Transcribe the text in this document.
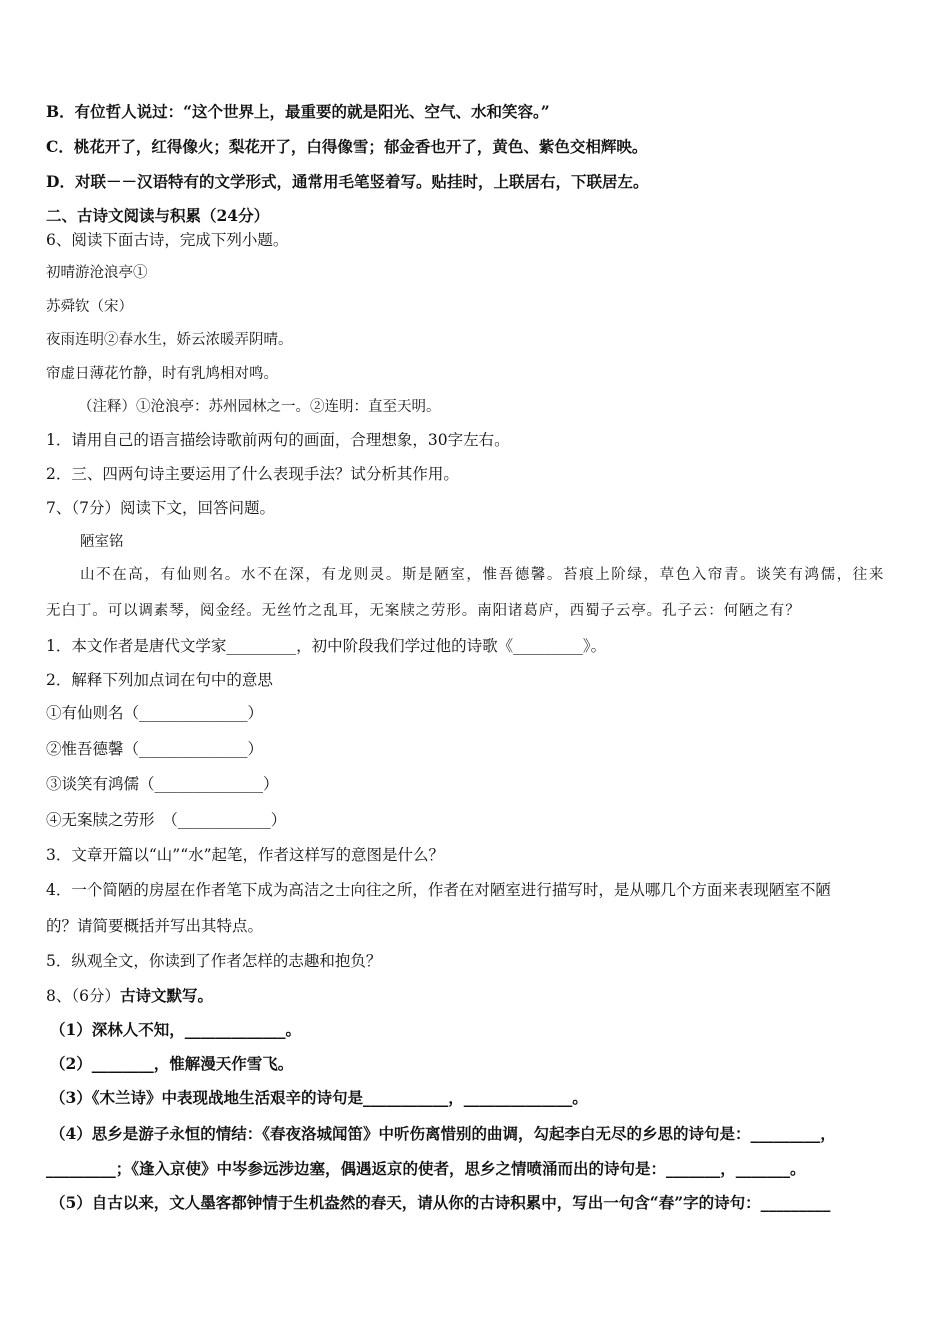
B．有位哲人说过：“这个世界上，最重要的就是阳光、空气、水和笑容。”
C．桃花开了，红得像火；梨花开了，白得像雪；郁金香也开了，黄色、紫色交相辉映。
D．对联－－汉语特有的文学形式，通常用毛笔竖着写。贴挂时，上联居右，下联居左。
二、古诗文阅读与积累（24分）
6、阅读下面古诗，完成下列小题。
初晴游沧浪亭①
苏舜钦（宋）
夜雨连明②春水生，娇云浓暖弄阴晴。
帘虚日薄花竹静，时有乳鸠相对鸣。
（注释）①沧浪亭：苏州园林之一。②连明：直至天明。
1．请用自己的语言描绘诗歌前两句的画面，合理想象，30字左右。
2．三、四两句诗主要运用了什么表现手法？试分析其作用。
7、（7分）阅读下文，回答问题。
陋室铭
山不在高，有仙则名。水不在深，有龙则灵。斯是陋室，惟吾德馨。苔痕上阶绿，草色入帘青。谈笑有鸿儒，往来
无白丁。可以调素琴，阅金经。无丝竹之乱耳，无案牍之劳形。南阳诸葛庐，西蜀子云亭。孔子云：何陋之有？
1．本文作者是唐代文学家_________，初中阶段我们学过他的诗歌《_________》。
2．解释下列加点词在句中的意思
①有仙则名（______________）
②惟吾德馨（______________）
③谈笑有鸿儒（______________）
④无案牍之劳形　（____________）
3．文章开篇以“山”“水”起笔，作者这样写的意图是什么？
4．一个简陋的房屋在作者笔下成为高洁之士向往之所，作者在对陋室进行描写时，是从哪几个方面来表现陋室不陋
的？请简要概括并写出其特点。
5．纵观全文，你读到了作者怎样的志趣和抱负？
8、（6分）古诗文默写。
（1）深林人不知，_____________。
（2）________，惟解漫天作雪飞。
（3）《木兰诗》中表现战地生活艰辛的诗句是___________，______________。
（4）思乡是游子永恒的情结：《春夜洛城闻笛》中听伤离惜别的曲调，勾起李白无尽的乡思的诗句是：_________，
_________；《逢入京使》中岑参远涉边塞，偶遇返京的使者，思乡之情喷涌而出的诗句是：_______，_______。
（5）自古以来，文人墨客都钟情于生机盎然的春天，请从你的古诗积累中，写出一句含“春”字的诗句：_________
